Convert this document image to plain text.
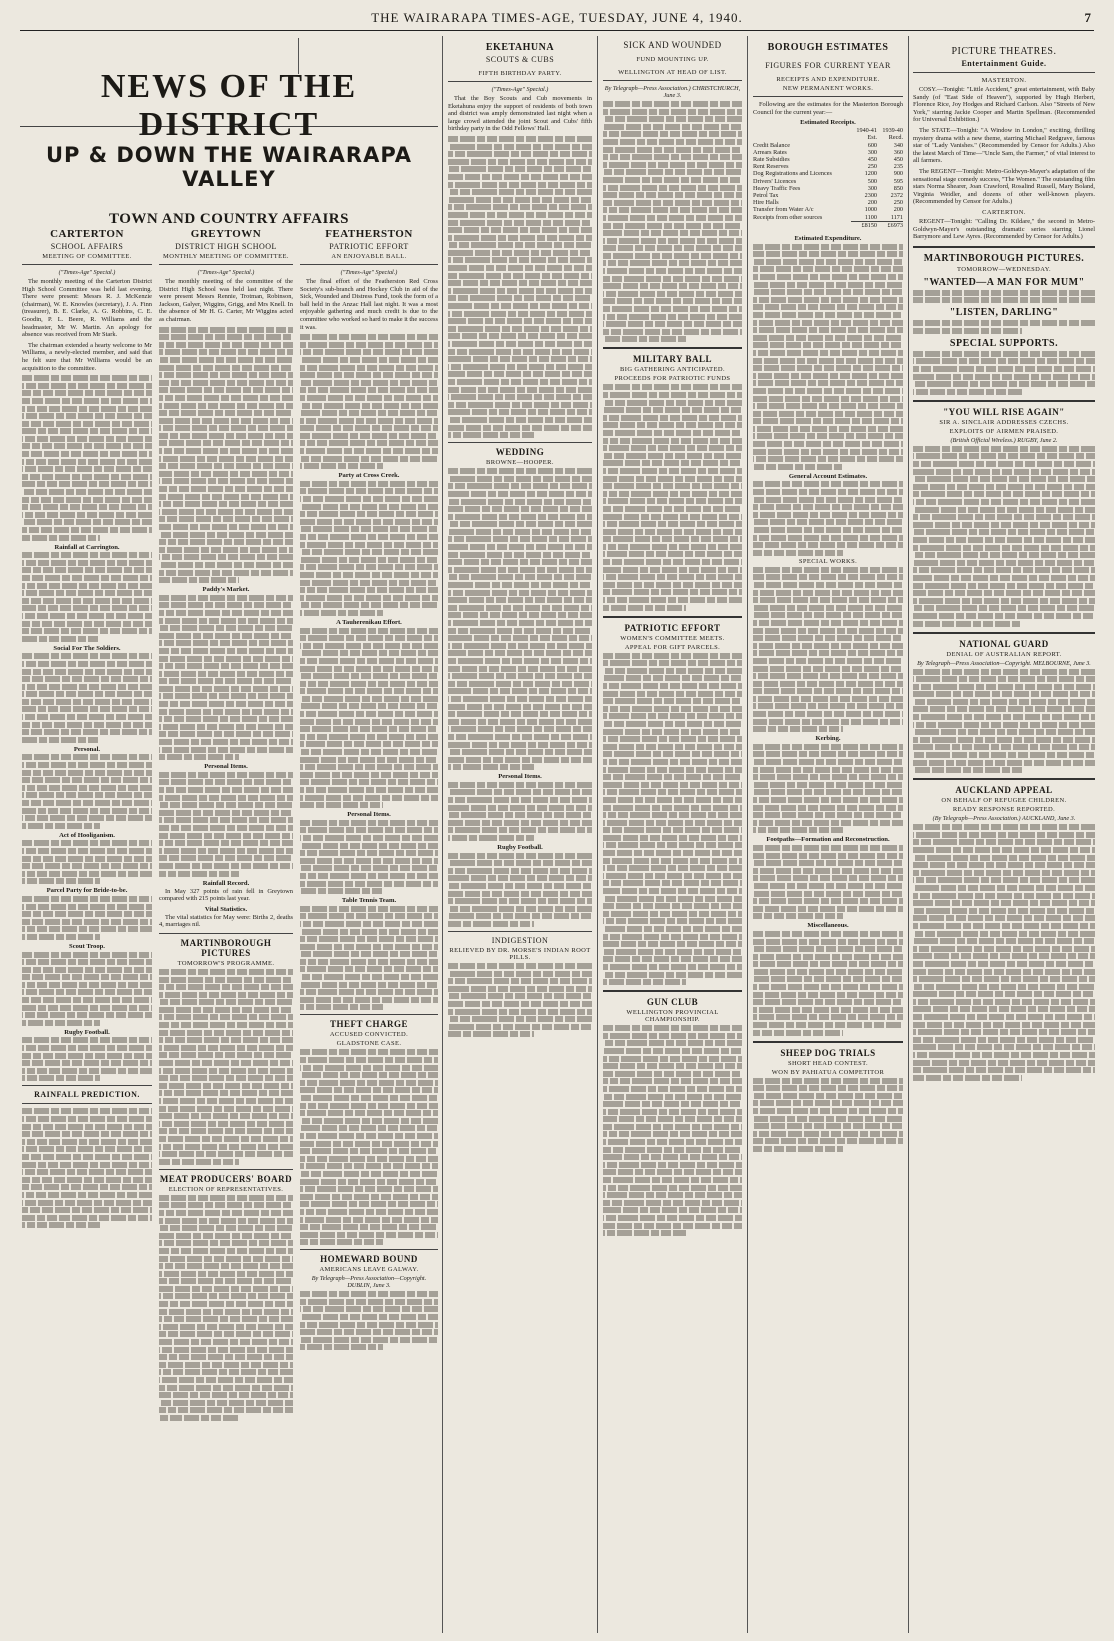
THE WAIRARAPA TIMES-AGE, TUESDAY, JUNE 4, 1940.	7
NEWS OF THE DISTRICT
UP & DOWN THE WAIRARAPA VALLEY
TOWN AND COUNTRY AFFAIRS
CARTERTON
SCHOOL AFFAIRS
MEETING OF COMMITTEE.
("Times-Age" Special.)

The monthly meeting of the Carterton District High School Committee was held last evening. There were present: Messrs R. J. McKenzie (chairman), W. E. Knowles (secretary), J. A. Finn (treasurer), B. E. Clarke, A. G. Robbins, C. E. Goodin, P. L. Beere, R. Williams and the headmaster, Mr W. Martin. An apology for absence was received from Mr Stark.

The chairman extended a hearty welcome to Mr Williams, a newly-elected member, and said that he felt sure that Mr Williams would be an acquisition to the committee.

Rainfall at Carrington.
Social For The Soldiers.
Personal.
Act of Hooliganism.
Parcel Party for Bride-to-be.
Scout Troop.
Rugby Football.
RAINFALL PREDICTION.
GREYTOWN
DISTRICT HIGH SCHOOL
MONTHLY MEETING OF COMMITTEE.
("Times-Age" Special.)

The monthly meeting of the committee of the District High School was held last night. There were present Messrs Rennie, Trotman, Robinson, Jackson, Galyer, Wiggins, Grigg, and Mrs Knell. In the absence of Mr H. G. Carter, Mr Wiggins acted as chairman.

Paddy's Market.
Personal Items.
Rainfall Record.

In May 327 points of rain fell in Greytown compared with 215 points last year.

Vital Statistics.

The vital statistics for May were: Births 2, deaths 4, marriages nil.

MARTINBOROUGH PICTURES
TOMORROW'S PROGRAMME.
MEAT PRODUCERS' BOARD
ELECTION OF REPRESENTATIVES.
FEATHERSTON
PATRIOTIC EFFORT
AN ENJOYABLE BALL.
("Times-Age" Special.)

The final effort of the Featherston Red Cross Society's sub-branch and Hockey Club in aid of the Sick, Wounded and Distress Fund, took the form of a ball held in the Anzac Hall last night. It was a most enjoyable gathering and much credit is due to the committee who worked so hard to make it the success it was.

Party at Cross Creek.
A Tauherenikau Effort.
Personal Items.
Table Tennis Team.
THEFT CHARGE
ACCUSED CONVICTED.
GLADSTONE CASE.
HOMEWARD BOUND
AMERICANS LEAVE GALWAY.
By Telegraph—Press Association—Copyright. DUBLIN, June 3.
EKETAHUNA
SCOUTS & CUBS
FIFTH BIRTHDAY PARTY.
("Times-Age" Special.)

That the Boy Scouts and Cub movements in Eketahuna enjoy the support of residents of both town and district was amply demonstrated last night when a large crowd attended the joint Scout and Cubs' fifth birthday party in the Odd Fellows' Hall.

WEDDING
BROWNE—HOOPER.
Personal Items.
Rugby Football.
INDIGESTION
RELIEVED BY DR. MORSE'S INDIAN ROOT PILLS.
SICK AND WOUNDED
FUND MOUNTING UP.
WELLINGTON AT HEAD OF LIST.
By Telegraph—Press Association.) CHRISTCHURCH, June 3.
MILITARY BALL
BIG GATHERING ANTICIPATED.
PROCEEDS FOR PATRIOTIC FUNDS
PATRIOTIC EFFORT
WOMEN'S COMMITTEE MEETS.
APPEAL FOR GIFT PARCELS.
GUN CLUB
WELLINGTON PROVINCIAL CHAMPIONSHIP.
BOROUGH ESTIMATES
FIGURES FOR CURRENT YEAR
RECEIPTS AND EXPENDITURE.
NEW PERMANENT WORKS.

Following are the estimates for the Masterton Borough Council for the current year:—

Estimated Receipts.
	1940-41 Est.	1939-40 Recd.
Credit Balance	600	340
Arrears Rates	300	360
Rate Subsidies	450	450
Rent Reserves	250	235
Dog Registrations and Licences	1200	900
Drivers' Licences	500	595
Heavy Traffic Fees	300	850
Petrol Tax	2300	2372
Hire Halls	200	250
Transfer from Water A/c	1000	200
Receipts from other sources	1100	1171
	£8150	£6973
Estimated Expenditure.
General Account Estimates.
SPECIAL WORKS.
Kerbing.
Footpaths—Formation and Reconstruction.
Miscellaneous.
SHEEP DOG TRIALS
SHORT HEAD CONTEST.
WON BY PAHIATUA COMPETITOR
PICTURE THEATRES.
Entertainment Guide.
MASTERTON.

COSY.—Tonight: "Little Accident," great entertainment, with Baby Sandy (of "East Side of Heaven"), supported by Hugh Herbert, Florence Rice, Joy Hodges and Richard Carlson. Also "Streets of New York," starring Jackie Cooper and Martin Spellman. (Recommended for Universal Exhibition.)

The STATE—Tonight: "A Window in London," exciting, thrilling mystery drama with a new theme, starring Michael Redgrave, famous star of "Lady Vanishes." (Recommended by Censor for Adults.) Also the latest March of Time—"Uncle Sam, the Farmer," of vital interest to all farmers.

The REGENT—Tonight: Metro-Goldwyn-Mayer's adaptation of the sensational stage comedy success, "The Women." The outstanding film stars Norma Shearer, Joan Crawford, Rosalind Russell, Mary Boland, Virginia Weidler, and dozens of other well-known players. (Recommended by Censor for Adults.)

CARTERTON.

REGENT—Tonight: "Calling Dr. Kildare," the second in Metro-Goldwyn-Mayer's outstanding dramatic series starring Lionel Barrymore and Lew Ayres. (Recommended by Censor for Adults.)

MARTINBOROUGH PICTURES.
TOMORROW—WEDNESDAY.
"WANTED—A MAN FOR MUM"
"LISTEN, DARLING"
SPECIAL SUPPORTS.
"YOU WILL RISE AGAIN"
SIR A. SINCLAIR ADDRESSES CZECHS.
EXPLOITS OF AIRMEN PRAISED.
(British Official Wireless.) RUGBY, June 2.
NATIONAL GUARD
DENIAL OF AUSTRALIAN REPORT.
By Telegraph—Press Association—Copyright. MELBOURNE, June 3.
AUCKLAND APPEAL
ON BEHALF OF REFUGEE CHILDREN.
READY RESPONSE REPORTED.
(By Telegraph—Press Association.) AUCKLAND, June 3.
